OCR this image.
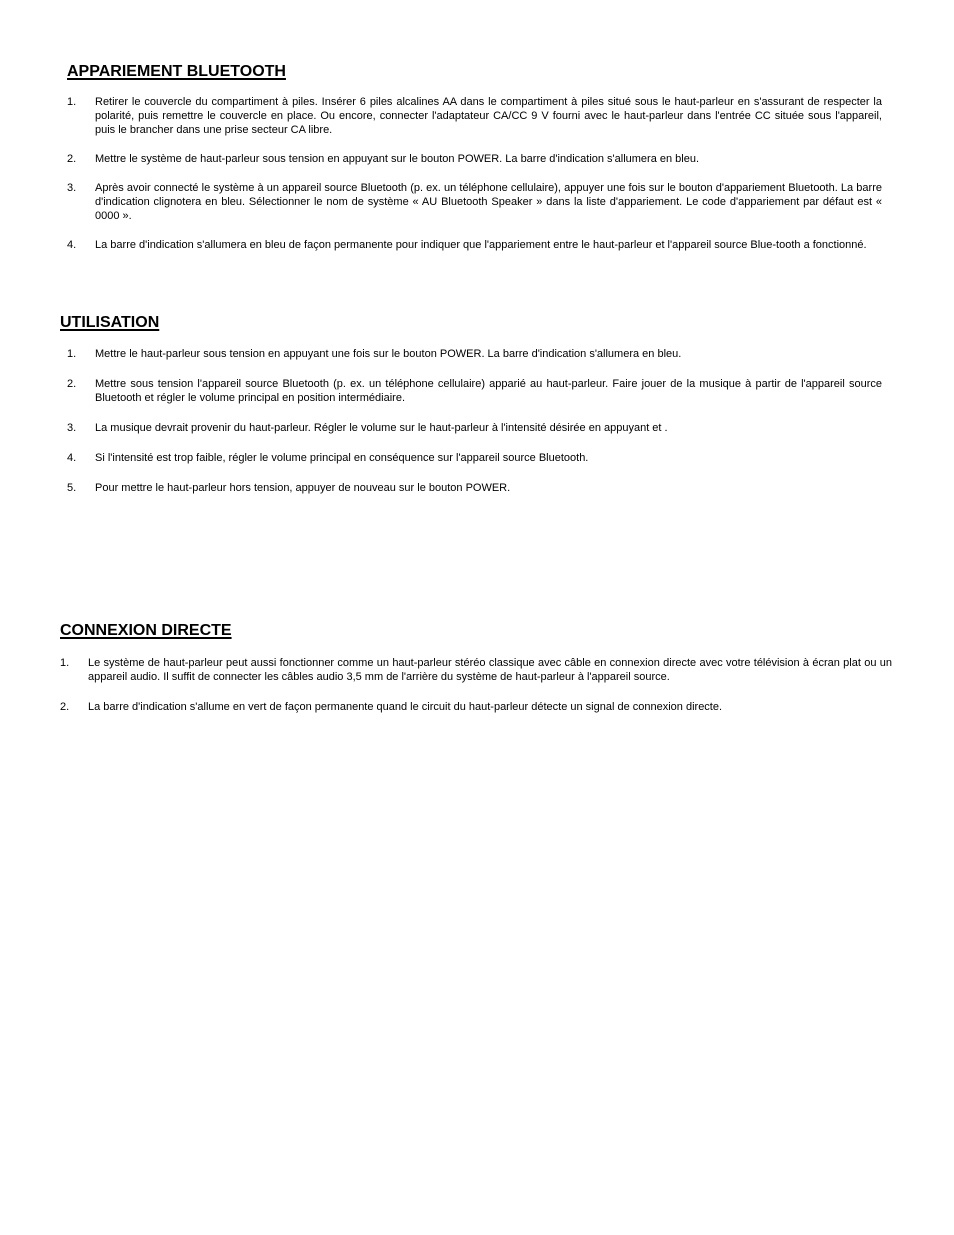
APPARIEMENT BLUETOOTH
1. Retirer le couvercle du compartiment à piles. Insérer 6 piles alcalines AA dans le compartiment à piles situé sous le haut-parleur en s'assurant de respecter la polarité, puis remettre le couvercle en place. Ou encore, connecter l'adaptateur CA/CC 9 V fourni avec le haut-parleur dans l'entrée CC située sous l'appareil, puis le brancher dans une prise secteur CA libre.
2. Mettre le système de haut-parleur sous tension en appuyant sur le bouton POWER. La barre d'indication s'allumera en bleu.
3. Après avoir connecté le système à un appareil source Bluetooth (p. ex. un téléphone cellulaire), appuyer une fois sur le bouton d'appariement Bluetooth. La barre d'indication clignotera en bleu. Sélectionner le nom de système « AU Bluetooth Speaker » dans la liste d'appariement. Le code d'appariement par défaut est « 0000 ».
4. La barre d'indication s'allumera en bleu de façon permanente pour indiquer que l'appariement entre le haut-parleur et l'appareil source Blue-tooth a fonctionné.
UTILISATION
1. Mettre le haut-parleur sous tension en appuyant une fois sur le bouton POWER. La barre d'indication s'allumera en bleu.
2. Mettre sous tension l'appareil source Bluetooth (p. ex. un téléphone cellulaire) apparié au haut-parleur. Faire jouer de la musique à partir de l'appareil source Bluetooth et régler le volume principal en position intermédiaire.
3. La musique devrait provenir du haut-parleur. Régler le volume sur le haut-parleur à l'intensité désirée en appuyant et .
4. Si l'intensité est trop faible, régler le volume principal en conséquence sur l'appareil source Bluetooth.
5. Pour mettre le haut-parleur hors tension, appuyer de nouveau sur le bouton POWER.
CONNEXION DIRECTE
1. Le système de haut-parleur peut aussi fonctionner comme un haut-parleur stéréo classique avec câble en connexion directe avec votre télévision à écran plat ou un appareil audio. Il suffit de connecter les câbles audio 3,5 mm de l'arrière du système de haut-parleur à l'appareil source.
2. La barre d'indication s'allume en vert de façon permanente quand le circuit du haut-parleur détecte un signal de connexion directe.
